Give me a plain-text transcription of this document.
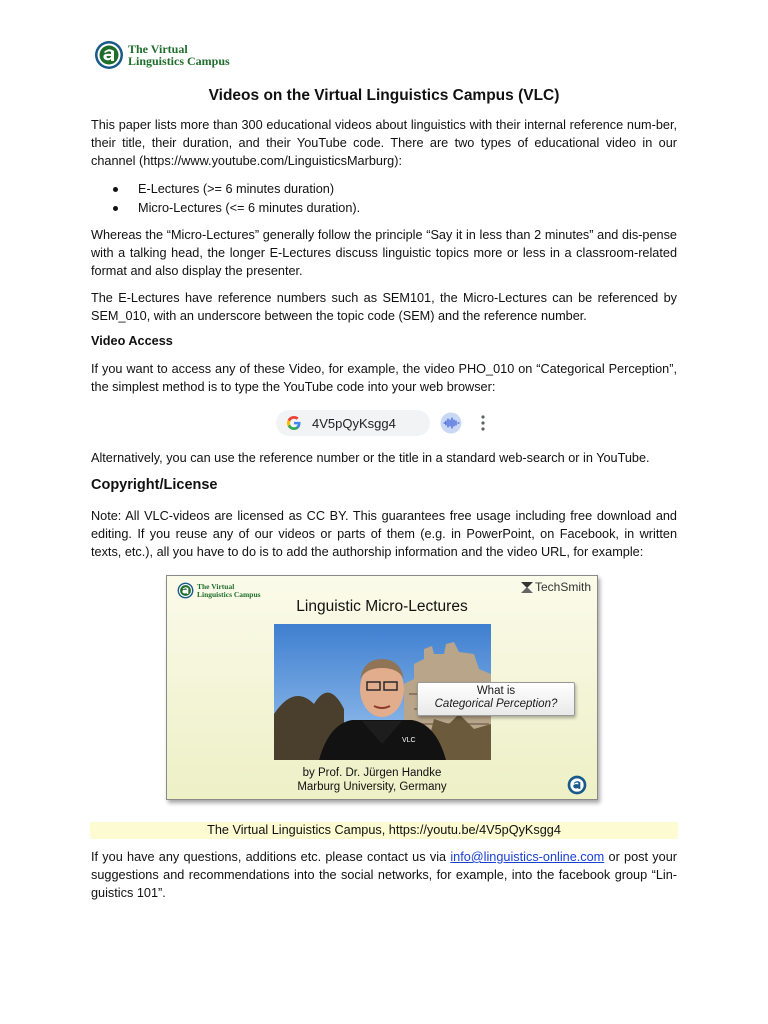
The Virtual
Linguistics Campus
Videos on the Virtual Linguistics Campus (VLC)
This paper lists more than 300 educational videos about linguistics with their internal reference num-ber, their title, their duration, and their YouTube code. There are two types of educational video in our channel (https://www.youtube.com/LinguisticsMarburg):
E-Lectures (>= 6 minutes duration)
Micro-Lectures (<= 6 minutes duration).
Whereas the “Micro-Lectures” generally follow the principle “Say it in less than 2 minutes” and dis-pense with a talking head, the longer E-Lectures discuss linguistic topics more or less in a classroom-related format and also display the presenter.
The E-Lectures have reference numbers such as SEM101, the Micro-Lectures can be referenced by SEM_010, with an underscore between the topic code (SEM) and the reference number.
Video Access
If you want to access any of these Video, for example, the video PHO_010 on “Categorical Perception”, the simplest method is to type the YouTube code into your web browser:
4V5pQyKsgg4
Alternatively, you can use the reference number or the title in a standard web-search or in YouTube.
Copyright/License
Note: All VLC-videos are licensed as CC BY. This guarantees free usage including free download and editing. If you reuse any of our videos or parts of them (e.g. in PowerPoint, on Facebook, in written texts, etc.), all you have to do is to add the authorship information and the video URL, for example:
The Virtual
Linguistics Campus	TechSmith
Linguistic Micro-Lectures
VLC
What is
Categorical Perception?
by Prof. Dr. Jürgen Handke
Marburg University, Germany
The Virtual Linguistics Campus, https://youtu.be/4V5pQyKsgg4
If you have any questions, additions etc. please contact us via info@linguistics-online.com or post your suggestions and recommendations into the social networks, for example, into the facebook group “Lin-guistics 101”.
